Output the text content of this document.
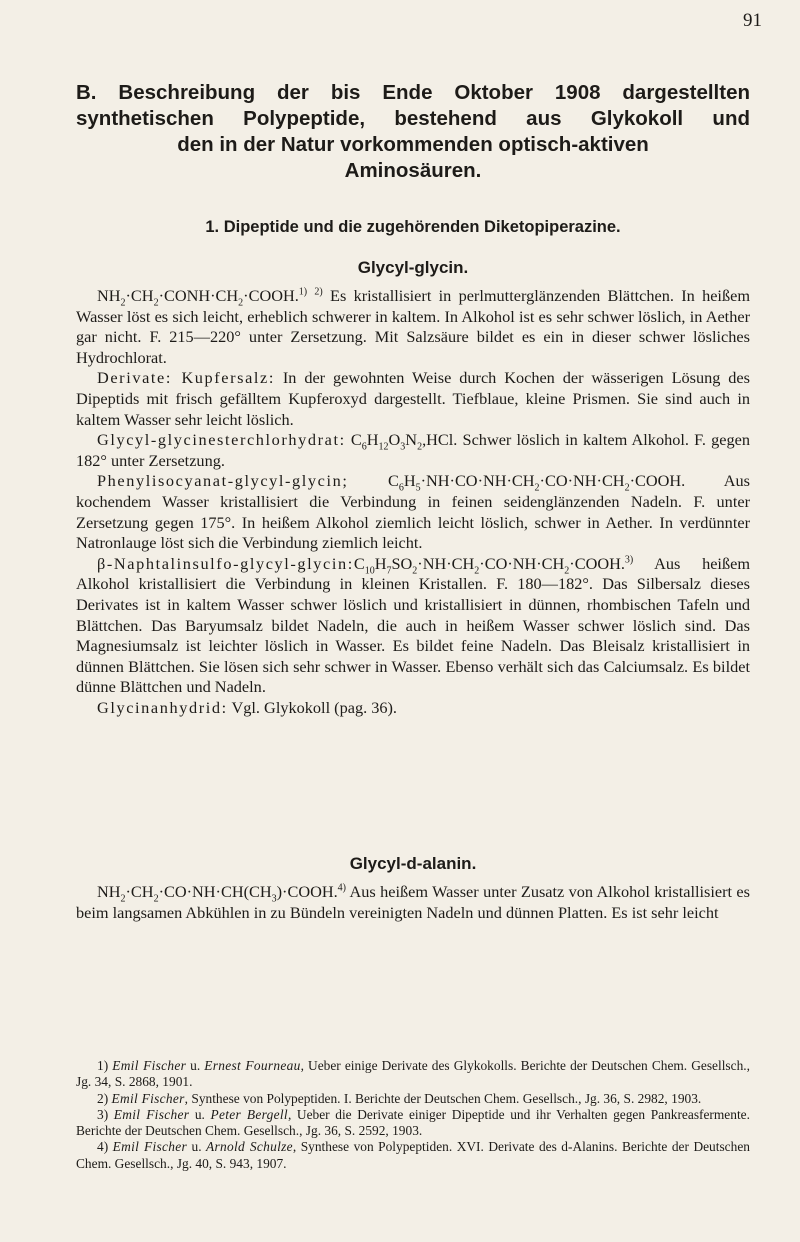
91
B. Beschreibung der bis Ende Oktober 1908 dargestellten
synthetischen Polypeptide, bestehend aus Glykokoll und
den in der Natur vorkommenden optisch-aktiven
Aminosäuren.
1. Dipeptide und die zugehörenden Diketopiperazine.
Glycyl-glycin.

$NH_2\cdot CH_2\cdot CONH\cdot CH_2\cdot COOH.^{1)}$ $^{2)}$ Es kristallisiert in perlmutterglänzenden Blättchen. In heißem Wasser löst es sich leicht, erheblich schwerer in kaltem. In Alkohol ist es sehr schwer löslich, in Aether gar nicht. F. 215—220° unter Zersetzung. Mit Salzsäure bildet es ein in dieser schwer lösliches Hydrochlorat.

Derivate: Kupfersalz: In der gewohnten Weise durch Kochen der wässerigen Lösung des Dipeptids mit frisch gefälltem Kupferoxyd dargestellt. Tiefblaue, kleine Prismen. Sie sind auch in kaltem Wasser sehr leicht löslich.

Glycyl-glycinesterchlorhydrat: $C_6H_{12}O_3N_2,HCl$. Schwer löslich in kaltem Alkohol. F. gegen 182° unter Zersetzung.

Phenylisocyanat-glycyl-glycin; $C_6H_5\cdot NH\cdot CO\cdot NH\cdot CH_2\cdot CO\cdot NH\cdot CH_2\cdot COOH$. Aus kochendem Wasser kristallisiert die Verbindung in feinen seidenglänzenden Nadeln. F. unter Zersetzung gegen 175°. In heißem Alkohol ziemlich leicht löslich, schwer in Aether. In verdünnter Natronlauge löst sich die Verbindung ziemlich leicht.

$\beta-Naphtalinsulfo-glycyl-glycin:C_{10}H_7SO_2\cdot NH\cdot CH_2\cdot CO\cdot NH\cdot CH_2\cdot COOH.^{3)}$ Aus heißem Alkohol kristallisiert die Verbindung in kleinen Kristallen. F. 180—182°. Das Silbersalz dieses Derivates ist in kaltem Wasser schwer löslich und kristallisiert in dünnen, rhombischen Tafeln und Blättchen. Das Baryumsalz bildet Nadeln, die auch in heißem Wasser schwer löslich sind. Das Magnesiumsalz ist leichter löslich in Wasser. Es bildet feine Nadeln. Das Bleisalz kristallisiert in dünnen Blättchen. Sie lösen sich sehr schwer in Wasser. Ebenso verhält sich das Calciumsalz. Es bildet dünne Blättchen und Nadeln.

Glycinanhydrid: Vgl. Glykokoll (pag. 36).

Glycyl-d-alanin.

$NH_2\cdot CH_2\cdot CO\cdot NH\cdot CH(CH_3)\cdot COOH.^{4)}$ Aus heißem Wasser unter Zusatz von Alkohol kristallisiert es beim langsamen Abkühlen in zu Bündeln vereinigten Nadeln und dünnen Platten. Es ist sehr leicht

1) Emil Fischer u. Ernest Fourneau, Ueber einige Derivate des Glykokolls. Berichte der Deutschen Chem. Gesellsch., Jg. 34, S. 2868, 1901.
2) Emil Fischer, Synthese von Polypeptiden. I. Berichte der Deutschen Chem. Gesellsch., Jg. 36, S. 2982, 1903.
3) Emil Fischer u. Peter Bergell, Ueber die Derivate einiger Dipeptide und ihr Verhalten gegen Pankreasfermente. Berichte der Deutschen Chem. Gesellsch., Jg. 36, S. 2592, 1903.
4) Emil Fischer u. Arnold Schulze, Synthese von Polypeptiden. XVI. Derivate des d-Alanins. Berichte der Deutschen Chem. Gesellsch., Jg. 40, S. 943, 1907.
